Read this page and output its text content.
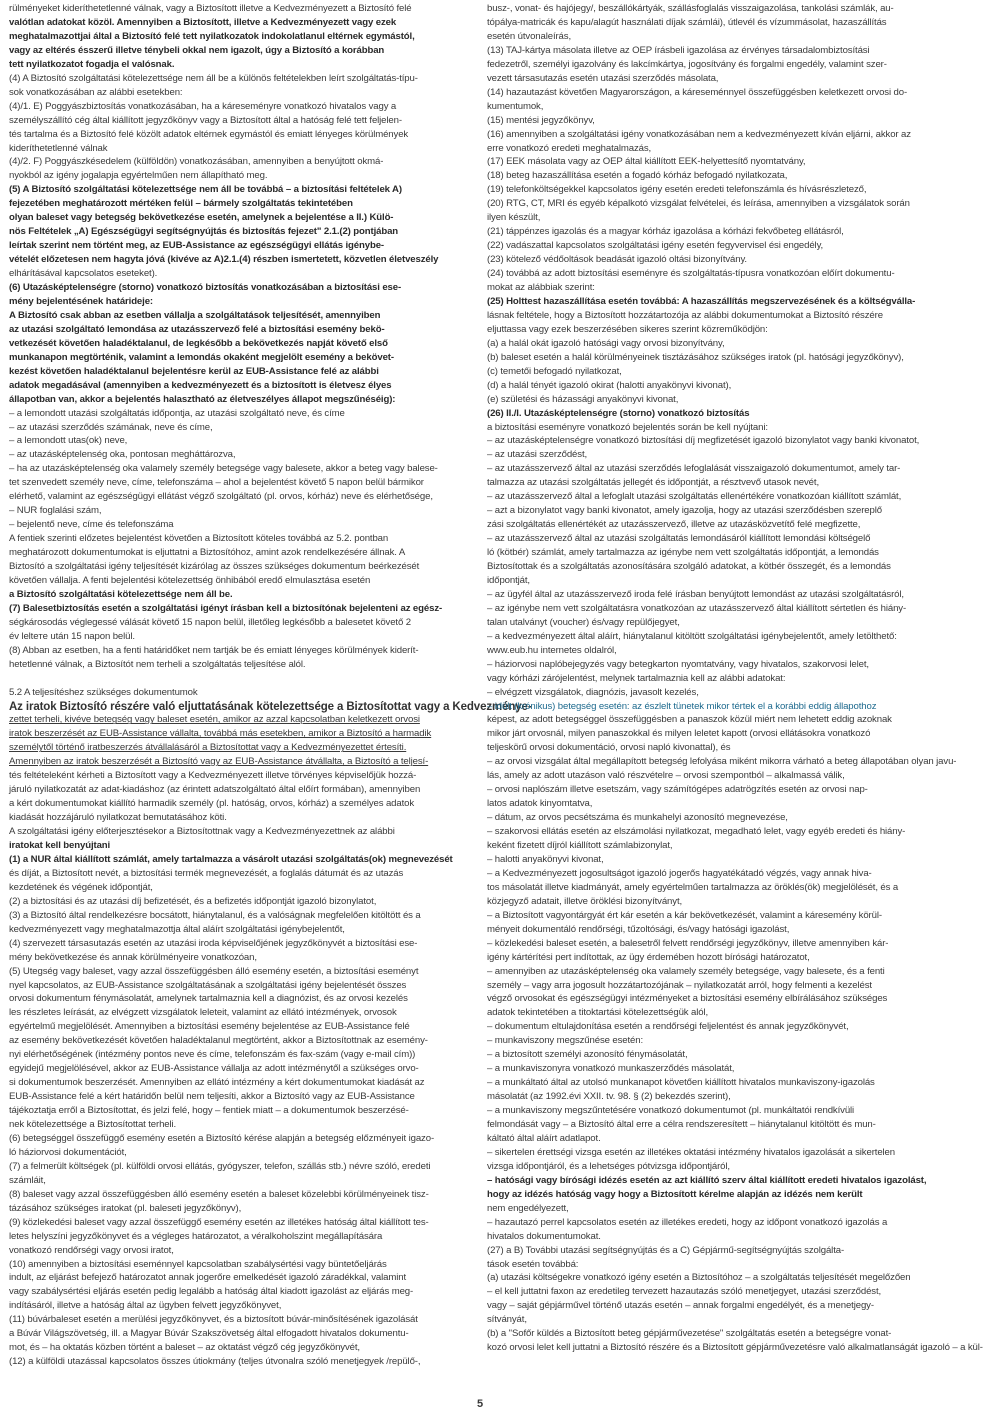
rülményeket kideríthetetlenné válnak, vagy a Biztosított illetve a Kedvezményezett a Biztosító felé
valótlan adatokat közöl. Amennyiben a Biztosított, illetve a Kedvezményezett vagy ezek
meghatalmazottjai által a Biztosító felé tett nyilatkozatok indokolatlanul eltérnek egymástól,
vagy az eltérés ésszerű illetve ténybeli okkal nem igazolt, úgy a Biztosító a korábban
tett nyilatkozatot fogadja el valósnak.
(4) A Biztosító szolgáltatási kötelezettsége nem áll be a különös feltételekben leírt szolgáltatás-típu-
sok vonatkozásában az alábbi esetekben:
(4)/1. E) Poggyászbiztosítás vonatkozásában, ha a káreseményre vonatkozó hivatalos vagy a
személyszállító cég által kiállított jegyzőkönyv vagy a Biztosított által a hatóság felé tett feljelen-
tés tartalma és a Biztosító felé közölt adatok eltérnek egymástól és emiatt lényeges körülmények
kideríthetetlenné válnak
(4)/2. F) Poggyászkésedelem (külföldön) vonatkozásában, amennyiben a benyújtott okmá-
nyokból az igény jogalapja egyértelműen nem állapítható meg.
(5) A Biztosító szolgáltatási kötelezettsége nem áll be továbbá – a biztosítási feltételek A)
fejezetében meghatározott mértéken felül – bármely szolgáltatás tekintetében
olyan baleset vagy betegség bekövetkezése esetén, amelynek a bejelentése a II.) Külö-
nös Feltételek „A) Egészségügyi segítségnyújtás és biztosítás fejezet" 2.1.(2) pontjában
leírtak szerint nem történt meg, az EUB-Assistance az egészségügyi ellátás igénybe-
vételét előzetesen nem hagyta jóvá (kivéve az A)2.1.(4) részben ismertetett, közvetlen életveszély
elhárításával kapcsolatos eseteket).
(6) Utazásképtelenségre (storno) vonatkozó biztosítás vonatkozásában a biztosítási ese-
mény bejelentésének határideje:
A Biztosító csak abban az esetben vállalja a szolgáltatások teljesítését, amennyiben
az utazási szolgáltató lemondása az utazásszervező felé a biztosítási esemény bekö-
vetkezését követően haladéktalanul, de legkésőbb a bekövetkezés napját követő első
munkanapon megtörténik, valamint a lemondás okaként megjelölt esemény a bekövet-
kezést követően haladéktalanul bejelentésre kerül az EUB-Assistance felé az alábbi
adatok megadásával (amennyiben a kedvezményezett és a biztosított is életvesz élyes
állapotban van, akkor a bejelentés halasztható az életveszélyes állapot megszűnéséig):
– a lemondott utazási szolgáltatás időpontja, az utazási szolgáltató neve, és címe
– az utazási szerződés számának, neve és címe,
– a lemondott utas(ok) neve,
– az utazásképtelenség oka, pontosan megháttározva,
– ha az utazásképtelenség oka valamely személy betegsége vagy balesete, akkor a beteg vagy balese-
tet szenvedett személy neve, címe, telefonszáma – ahol a bejelentést követő 5 napon belül bármikor
elérhető, valamint az egészségügyi ellátást végző szolgáltató (pl. orvos, kórház) neve és elérhetősége,
– NUR foglalási szám,
– bejelentő neve, címe és telefonszáma
A fentiek szerinti előzetes bejelentést követően a Biztosított köteles továbbá az 5.2. pontban
meghatározott dokumentumokat is eljuttatni a Biztosítóhoz, amint azok rendelkezésére állnak. A
Biztosító a szolgáltatási igény teljesítését kizárólag az összes szükséges dokumentum beérkezését
követően vállalja. A fenti bejelentési kötelezettség önhibából eredő elmulasztása esetén
a Biztosító szolgáltatási kötelezettsége nem áll be.
(7) Balesetbiztosítás esetén a szolgáltatási igényt írásban kell a biztosítónak bejelenteni az egész-
ségkárosodás véglegessé válását követő 15 napon belül, illetőleg legkésőbb a balesetet követő 2
év lelteте után 15 napon belül.
(8) Abban az esetben, ha a fenti határidőket nem tartják be és emiatt lényeges körülmények kiderít-
hetetlenné válnak, a Biztosítót nem terheli a szolgáltatás teljesítése alól.
5.2 A teljesítéshez szükséges dokumentumok
Az iratok Biztosító részére való eljuttatásának kötelezettsége a Biztosítottat vagy a Kedvezménye-
zettet terheli, kivéve betegség vagy baleset esetén, amikor az azzal kapcsolatban keletkezett orvosi
iratok beszerzését az EUB-Assistance vállalta, továbbá más esetekben, amikor a Biztosító a harmadik
személytől történő iratbeszerzés átvállalásáról a Biztosítottat vagy a Kedvezményezettet értesíti.
Amennyiben az iratok beszerzését a Biztosító vagy az EUB-Assistance átvállalta, a Biztosító a teljesí-
tés feltételeként kérheti a Biztosított vagy a Kedvezményezett illetve törvényes képviselőjük hozzá-
járuló nyilatkozatát az adat-kiadáshoz (az érintett adatszolgáltató által előírt formában), amennyiben
a kért dokumentumokat kiállító harmadik személy (pl. hatóság, orvos, kórház) a személyes adatok
kiadását hozzájáruló nyilatkozat bemutatásához köti.
A szolgáltatási igény előterjesztésekor a Biztosítottnak vagy a Kedvezményezettnek az alábbi
iratokat kell benyújtani
(1) a NUR által kiállított számlát, amely tartalmazza a vásárolt utazási szolgáltatás(ok) megnevezését
és díját, a Biztosított nevét, a biztosítási termék megnevezését, a foglalás dátumát és az utazás
kezdetének és végének időpontját,
(2) a biztosítási és az utazási díj befizetését, és a befizetés időpontját igazoló bizonylatot,
(3) a Biztosító által rendelkezésre bocsátott, hiánytalanul, és a valóságnak megfelelően kitöltött és a
kedvezményezett vagy meghatalmazottja által aláírt szolgáltatási igénybejelentőt,
(4) szervezett társasutazás esetén az utazási iroda képviselőjének jegyzőkönyvét a biztosítási ese-
mény bekövetkezése és annak körülményeire vonatkozóan,
(5) Utegség vagy baleset, vagy azzal összefüggésben álló esemény esetén, a biztosítási eseményt
nyel kapcsolatos, az EUB-Assistance szolgáltatásának a szolgáltatási igény bejelentését összes
orvosi dokumentum fénymásolatát, amelynek tartalmaznia kell a diagnózist, és az orvosi kezelés
les részletes leírását, az elvégzett vizsgálatok leleteit, valamint az ellátó intézmények, orvosok
egyértelmű megjelölését. Amennyiben a biztosítási esemény bejelentése az EUB-Assistance felé
az esemény bekövetkezését követően haladéktalanul megtörtént, akkor a Biztosítottnak az esemény-
nyi elérhetőségének (intézmény pontos neve és címe, telefonszám és fax-szám (vagy e-mail cím))
egyidejű megjelölésével, akkor az EUB-Assistance vállalja az adott intézménytől a szükséges orvo-
si dokumentumok beszerzését. Amennyiben az ellátó intézmény a kért dokumentumokat kiadását az
EUB-Assistance felé a kért határidőn belül nem teljesíti, akkor a Biztosító vagy az EUB-Assistance
tájékoztatja erről a Biztosítottat, és jelzi felé, hogy – fentiek miatt – a dokumentumok beszerzésé-
nek kötelezettsége a Biztosítottat terheli.
(6) betegséggel összefüggő esemény esetén a Biztosító kérése alapján a betegség előzményeit igazo-
ló háziorvosi dokumentációt,
(7) a felmerült költségek (pl. külföldi orvosi ellátás, gyógyszer, telefon, szállás stb.) névre szóló, eredeti
számláit,
(8) baleset vagy azzal összefüggésben álló esemény esetén a baleset közelebbi körülményeinek tisz-
tázásához szükséges iratokat (pl. baleseti jegyzőkönyv),
(9) közlekedési baleset vagy azzal összefüggő esemény esetén az illetékes hatóság által kiállított tes-
letes helyszíni jegyzőkönyvet és a végleges határozatot, a véralkoholszint megállapítására
vonatkozó rendőrségi vagy orvosi iratot,
(10) amennyiben a biztosítási eseménnyel kapcsolatban szabálysértési vagy büntetőeljárás
indult, az eljárást befejező határozatot annak jogerőre emelkedését igazoló záradékkal, valamint
vagy szabálysértési eljárás esetén pedig legalább a hatóság által kiadott igazolást az eljárás meg-
indításáról, illetve a hatóság által az ügyben felvett jegyzőkönyvet,
(11) búvárbaleset esetén a merülési jegyzőkönyvet, és a biztosított búvár-minősítésének igazolását
a Búvár Világszövetség, ill. a Magyar Búvár Szakszövetség által elfogadott hivatalos dokumentu-
mot, és – ha oktatás közben történt a baleset – az oktatást végző cég jegyzőkönyvét,
(12) a külföldi utazással kapcsolatos összes útiokmány (teljes útvonalra szóló menetjegyek /repülő-,
busz-, vonat- és hajójegy/, beszállókártyák, szállásfoglalás visszaigazolása, tankolási számlák, au-
tópálya-matricák és kapu/alagút használati díjak számlái), útlevél és vízummásolat, hazaszállítás
esetén útvonaleírás,
(13) TAJ-kártya másolata illetve az OEP írásbeli igazolása az érvényes társadalombiztosítási
fedezetről, személyi igazolvány és lakcímkártya, jogosítvány és forgalmi engedély, valamint szer-
vezett társasutazás esetén utazási szerződés másolata,
(14) hazautazást követően Magyarországon, a káreseménnyel összefüggésben keletkezett orvosi do-
kumentumok,
(15) mentési jegyzőkönyv,
(16) amennyiben a szolgáltatási igény vonatkozásában nem a kedvezményezett kíván eljárni, akkor az
erre vonatkozó eredeti meghatalmazás,
(17) EEK másolata vagy az OEP által kiállított EEK-helyettesítő nyomtatvány,
(18) beteg hazaszállítása esetén a fogadó kórház befogadó nyilatkozata,
(19) telefonköltségekkel kapcsolatos igény esetén eredeti telefonszámla és hívásrészletező,
(20) RTG, CT, MRI és egyéb képalkotó vizsgálat felvételei, és leírása, amennyiben a vizsgálatok során
ilyen készült,
(21) táppénzes igazolás és a magyar kórház igazolása a kórházi fekvőbeteg ellátásról,
(22) vadászattal kapcsolatos szolgáltatási igény esetén fegyvervisel ési engedély,
(23) kötelező védőoltások beadását igazoló oltási bizonyítvány.
(24) továbbá az adott biztosítási eseményre és szolgáltatás-típusra vonatkozóan előírt dokumentu-
mokat az alábbiak szerint:
(25) Holttest hazaszállítása esetén továbbá: A hazaszállítás megszervezésének és a költségválla-
lásnak feltétele, hogy a Biztosított hozzátartozója az alábbi dokumentumokat a Biztosító részére
eljuttassa vagy ezek beszerzésében sikeres szerint közreműködjön:
(a) a halál okát igazoló hatósági vagy orvosi bizonyítvány,
(b) baleset esetén a halál körülményeinek tisztázásához szükséges iratok (pl. hatósági jegyzőkönyv),
(c) temetői befogadó nyilatkozat,
(d) a halál tényét igazoló okirat (halotti anyakönyvi kivonat),
(e) születési és házassági anyakönyvi kivonat,
(26) II./I. Utazásképtelenségre (storno) vonatkozó biztosítás
a biztosítási eseményre vonatkozó bejelentés során be kell nyújtani:
– az utazásképtelenségre vonatkozó biztosítási díj megfizetését igazoló bizonylatot vagy banki kivonatot,
– az utazási szerződést,
– az utazásszervező által az utazási szerződés lefoglalását visszaigazoló dokumentumot, amely tar-
talmazza az utazási szolgáltatás jellegét és időpontját, a résztvevő utasok nevét,
– az utazásszervező által a lefoglalt utazási szolgáltatás ellenértékére vonatkozóan kiállított számlát,
– azt a bizonylatot vagy banki kivonatot, amely igazolja, hogy az utazási szerződésben szereplő
zási szolgáltatás ellenértékét az utazásszervező, illetve az utazásközvetítő felé megfizette,
– az utazásszervező által az utazási szolgáltatás lemondásáról kiállított lemondási költségelő
ló (kötbér) számlát, amely tartalmazza az igénybe nem vett szolgáltatás időpontját, a lemondás
Biztosítottak és a szolgáltatás azonosítására szolgáló adatokat, a kötbér összegét, és a lemondás
időpontját,
– az ügyfél által az utazásszervező iroda felé írásban benyújtott lemondást az utazási szolgáltatásról,
– az igénybe nem vett szolgáltatásra vonatkozóan az utazásszervező által kiállított sértetlen és hiány-
talan utalványt (voucher) és/vagy repülőjegyet,
– a kedvezményezett által aláírt, hiánytalanul kitöltött szolgáltatási igénybejelentőt, amely letölthető:
www.eub.hu internetes oldalról,
– háziorvosi naplóbejegyzés vagy betegkarton nyomtatvány, vagy hivatalos, szakorvosi lelet,
vagy kórházi zárójelentést, melynek tartalmaznia kell az alábbi adatokat:
– elvégzett vizsgálatok, diagnózis, javasolt kezelés,
– idült (krónikus) betegség esetén: az észlelt tünetek mikor tértek el a korábbi eddig állapothoz
képest, az adott betegséggel összefüggésben a panaszok közül miért nem lehetett eddig azoknak
mikor járt orvosnál, milyen panaszokkal és milyen leletet kapott (orvosi ellátásokra vonatkozó
teljeskörű orvosi dokumentáció, orvosi napló kivonattal), és
– az orvosi vizsgálat által megállapított betegség lefolyása miként mikorra várható a beteg állapotában olyan javu-
lás, amely az adott utazáson való részvételre – orvosi szempontból – alkalmassá válik,
– orvosi naplószám illetve esetszám, vagy számítógépes adatrögzítés esetén az orvosi nap-
latos adatok kinyomtatva,
– dátum, az orvos pecsétszáma és munkahelyi azonosító megnevezése,
– szakorvosi ellátás esetén az elszámolási nyilatkozat, megadható lelet, vagy egyéb eredeti és hiány-
keként fizetett díjról kiállított számlabizonylat,
– halotti anyakönyvi kivonat,
– a Kedvezményezett jogosultságot igazoló jogerős hagyatékátadó végzés, vagy annak hiva-
tos másolatát illetve kiadmányát, amely egyértelműen tartalmazza az öröklés(ök) megjelölését, és a
közjegyző adatait, illetve öröklési bizonyítványt,
– a Biztosított vagyontárgyát ért kár esetén a kár bekövetkezését, valamint a káresemény körül-
ményeit dokumentáló rendőrségi, tűzoltósági, és/vagy hatósági igazolást,
– közlekedési baleset esetén, a balesetről felvett rendőrségi jegyzőkönyv, illetve amennyiben kár-
igény kártérítési pert indítottak, az ügy érdemében hozott bírósági határozatot,
– amennyiben az utazásképtelenség oka valamely személy betegsége, vagy balesete, és a fenti
személy – vagy arra jogosult hozzátartozójának – nyilatkozatát arról, hogy felmenti a kezelést
végző orvosokat és egészségügyi intézményeket a biztosítási esemény elbírálásához szükséges
adatok tekintetében a titoktartási kötelezettségük alól,
– dokumentum eltulajdonítása esetén a rendőrségi feljelentést és annak jegyzőkönyvét,
– munkaviszony megszűnése esetén:
– a biztosított személyi azonosító fénymásolatát,
– a munkaviszonyra vonatkozó munkaszerződés másolatát,
– a munkáltató által az utolsó munkanapot követően kiállított hivatalos munkaviszony-igazolás
másolatát (az 1992.évi XXII. tv. 98. § (2) bekezdés szerint),
– a munkaviszony megszűntetésére vonatkozó dokumentumot (pl. munkáltatói rendkívüli
felmondását vagy – a Biztosító által erre a célra rendszeresített – hiánytalanul kitöltött és mun-
káltató által aláírt adatlapot.
– sikertelen érettségi vizsga esetén az illetékes oktatási intézmény hivatalos igazolását a sikertelen
vizsga időpontjáról, és a lehetséges pótvizsga időpontjáról,
– hatósági vagy bírósági idézés esetén az azt kiállító szerv által kiállított eredeti hivatalos igazolást,
hogy az idézés hatóság vagy hogy a Biztosított kérelme alapján az idézés nem került
nem engedélyezett,
– hazautazó perrel kapcsolatos esetén az illetékes eredeti, hogy az időpont vonatkozó igazolás a
hivatalos dokumentumokat.
(27) a B) További utazási segítségnyújtás és a C) Gépjármű-segítségnyújtás szolgálta-
tások esetén továbbá:
(a) utazási költségekre vonatkozó igény esetén a Biztosítóhoz – a szolgáltatás teljesítését megelőzően
– el kell juttatni faxon az eredetileg tervezett hazautazás szóló menetjegyet, utazási szerződést,
vagy – saját gépjárművel történő utazás esetén – annak forgalmi engedélyét, és a menetjegy-
sítványát,
(b) a "Sofőr küldés a Biztosított beteg gépjárművezetése" szolgáltatás esetén a betegségre vonat-
kozó orvosi lelet kell juttatni a Biztosító részére és a Biztosított gépjárművezetésre való alkalmatlanságát igazoló – a kül-
5
